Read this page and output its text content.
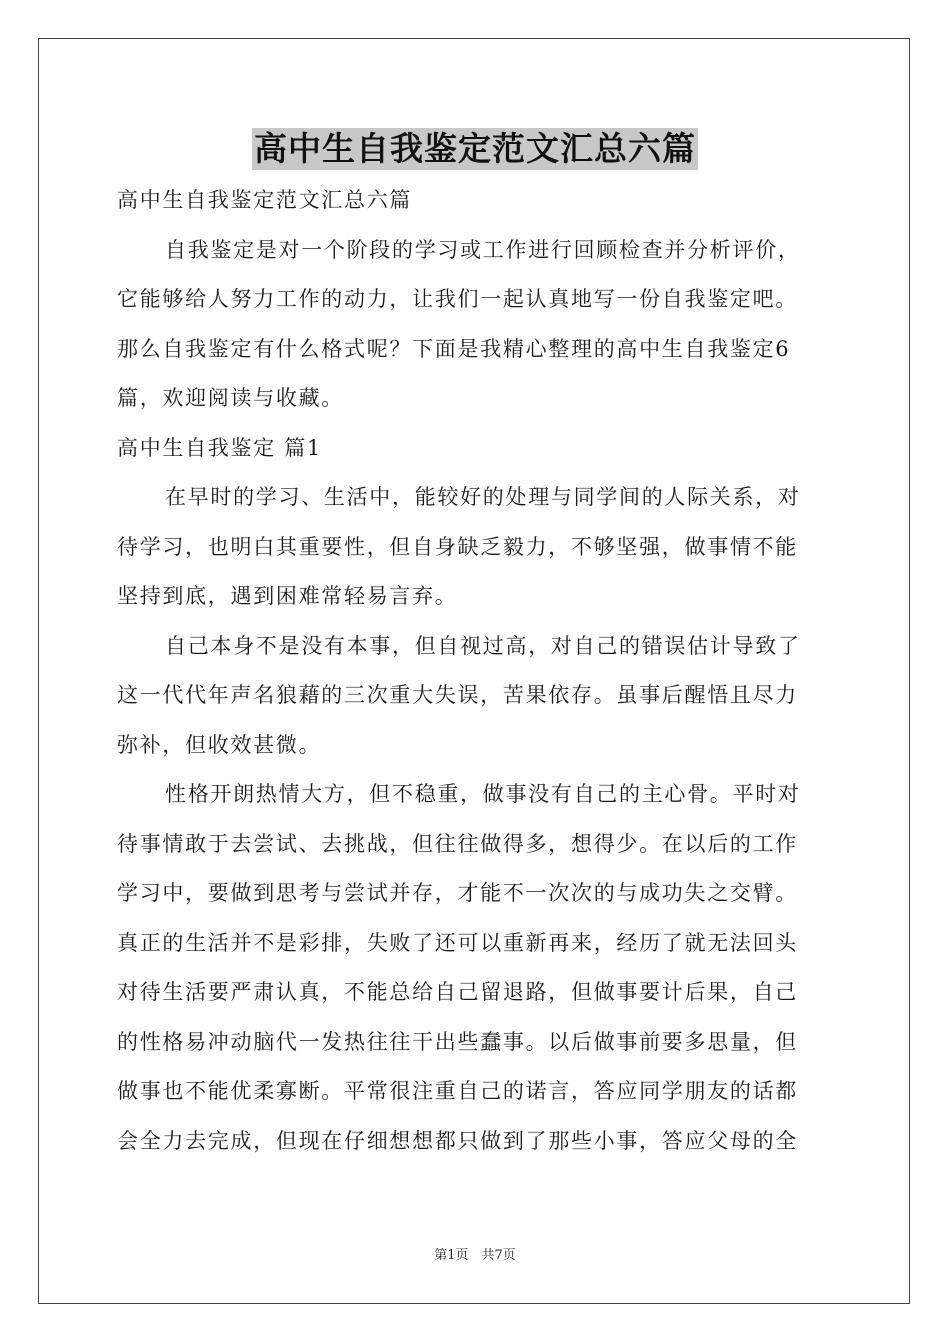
高中生自我鉴定范文汇总六篇
高中生自我鉴定范文汇总六篇
自我鉴定是对一个阶段的学习或工作进行回顾检查并分析评价，
它能够给人努力工作的动力，让我们一起认真地写一份自我鉴定吧。
那么自我鉴定有什么格式呢？下面是我精心整理的高中生自我鉴定6
篇，欢迎阅读与收藏。
高中生自我鉴定 篇1
在早时的学习、生活中，能较好的处理与同学间的人际关系，对
待学习，也明白其重要性，但自身缺乏毅力，不够坚强，做事情不能
坚持到底，遇到困难常轻易言弃。
自己本身不是没有本事，但自视过高，对自己的错误估计导致了
这一代代年声名狼藉的三次重大失误，苦果依存。虽事后醒悟且尽力
弥补，但收效甚微。
性格开朗热情大方，但不稳重，做事没有自己的主心骨。平时对
待事情敢于去尝试、去挑战，但往往做得多，想得少。在以后的工作
学习中，要做到思考与尝试并存，才能不一次次的与成功失之交臂。
真正的生活并不是彩排，失败了还可以重新再来，经历了就无法回头
对待生活要严肃认真，不能总给自己留退路，但做事要计后果，自己
的性格易冲动脑代一发热往往干出些蠢事。以后做事前要多思量，但
做事也不能优柔寡断。平常很注重自己的诺言，答应同学朋友的话都
会全力去完成，但现在仔细想想都只做到了那些小事，答应父母的全
第1页　共7页
